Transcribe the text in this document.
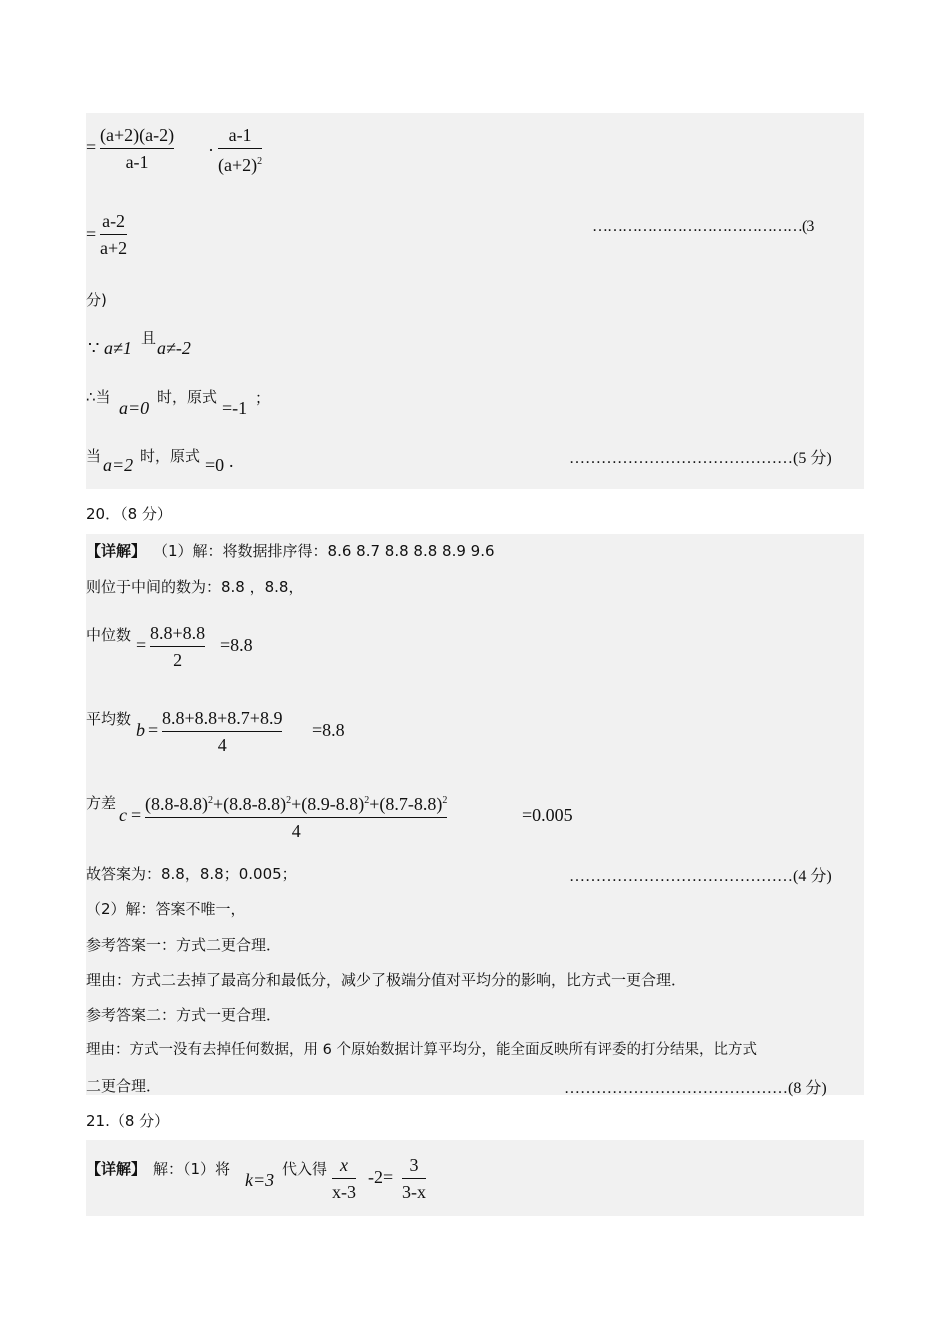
=
(a+2)(a-2)
a-1
·
a-1
$(a+2)^2$
=
a-2
a+2
……………………………………(3
分)
∵ a≠1 且 a≠-2
∴当
a=0
时，原式
=-1 ；
当 a=2 时，原式 =0 .	……………………………………(5 分)
20．（8 分）
【详解】 （1）解：将数据排序得：8.6 8.7 8.8 8.8 8.9 9.6
则位于中间的数为：8.8 ，8.8，
中位数 =
8.8+8.8
2
=8.8
平均数
b =
8.8+8.8+8.7+8.9
4
=8.8
方差
c =
$(8.8-8.8)^2+(8.8-8.8)^2+(8.9-8.8)^2+(8.7-8.8)^2$
4
=0.005
故答案为：8.8，8.8；0.005；	……………………………………(4 分)
（2）解：答案不唯一，
参考答案一：方式二更合理．
理由：方式二去掉了最高分和最低分，减少了极端分值对平均分的影响，比方式一更合理．
参考答案二：方式一更合理．
理由：方式一没有去掉任何数据，用 6 个原始数据计算平均分，能全面反映所有评委的打分结果，比方式
二更合理．	……………………………………(8 分)
21.（8 分）
【详解】 解：（1）将
k=3
代入得 x
x-3
-2=
3
3-x
